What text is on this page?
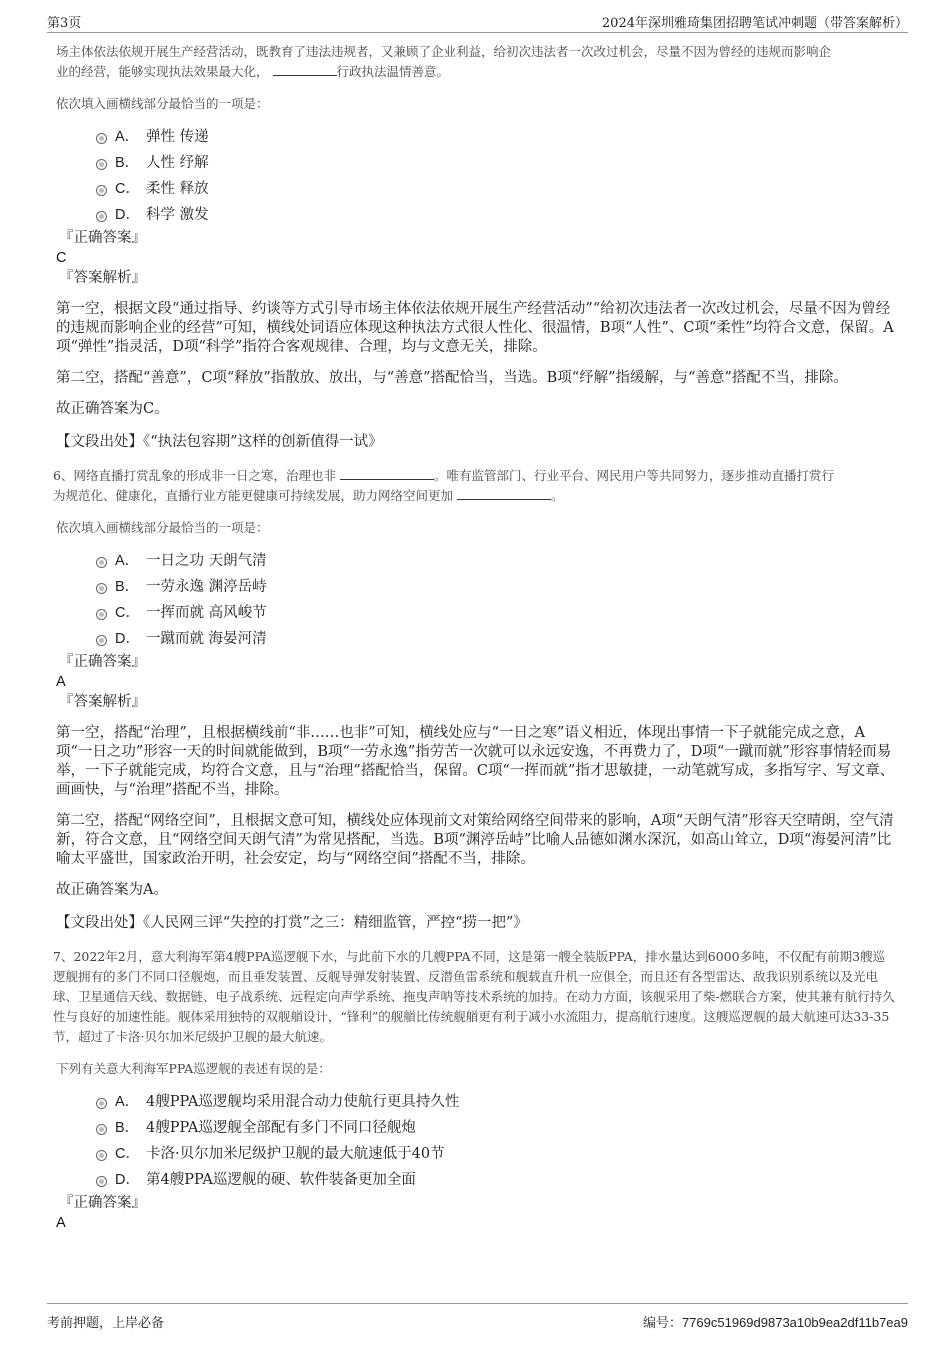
第3页	2024年深圳雅琦集团招聘笔试冲刺题（带答案解析）

场主体依法依规开展生产经营活动，既教育了违法违规者，又兼顾了企业利益，给初次违法者一次改过机会，尽量不因为曾经的违规而影响企
业的经营，能够实现执法效果最大化，	行政执法温情善意。

依次填入画横线部分最恰当的一项是：

A． 弹性 传递
B． 人性 纾解
C． 柔性 释放
D． 科学 激发

『正确答案』

C

『答案解析』

第一空，根据文段“通过指导、约谈等方式引导市场主体依法依规开展生产经营活动”“给初次违法者一次改过机会，尽量不因为曾经的违规而影响企业的经营”可知，横线处词语应体现这种执法方式很人性化、很温情，B项“人性”、C项“柔性”均符合文意，保留。A项“弹性”指灵活，D项“科学”指符合客观规律、合理，均与文意无关，排除。

第二空，搭配“善意”，C项“释放”指散放、放出，与“善意”搭配恰当，当选。B项“纾解”指缓解，与“善意”搭配不当，排除。

故正确答案为C。

【文段出处】《“执法包容期”这样的创新值得一试》

6、网络直播打赏乱象的形成非一日之寒，治理也非	。唯有监管部门、行业平台、网民用户等共同努力，逐步推动直播打赏行
为规范化、健康化，直播行业方能更健康可持续发展，助力网络空间更加	。

依次填入画横线部分最恰当的一项是：

A． 一日之功 天朗气清
B． 一劳永逸 渊渟岳峙
C． 一挥而就 高风峻节
D． 一蹴而就 海晏河清

『正确答案』

A

『答案解析』

第一空，搭配“治理”，且根据横线前“非……也非”可知，横线处应与“一日之寒”语义相近，体现出事情一下子就能完成之意，A项“一日之功”形容一天的时间就能做到，B项“一劳永逸”指劳苦一次就可以永远安逸，不再费力了，D项“一蹴而就”形容事情轻而易举，一下子就能完成，均符合文意，且与“治理”搭配恰当，保留。C项“一挥而就”指才思敏捷，一动笔就写成，多指写字、写文章、画画快，与“治理”搭配不当，排除。

第二空，搭配“网络空间”，且根据文意可知，横线处应体现前文对策给网络空间带来的影响，A项“天朗气清”形容天空晴朗，空气清新，符合文意，且“网络空间天朗气清”为常见搭配，当选。B项“渊渟岳峙”比喻人品德如渊水深沉，如高山耸立，D项“海晏河清”比喻太平盛世，国家政治开明，社会安定，均与“网络空间”搭配不当，排除。

故正确答案为A。

【文段出处】《人民网三评“失控的打赏”之三：精细监管，严控“捞一把”》

7、2022年2月，意大利海军第4艘PPA巡逻舰下水，与此前下水的几艘PPA不同，这是第一艘全装版PPA，排水量达到6000多吨，不仅配有前期3艘巡逻舰拥有的多门不同口径舰炮，而且垂发装置、反舰导弹发射装置、反潜鱼雷系统和舰载直升机一应俱全，而且还有各型雷达、敌我识别系统以及光电球、卫星通信天线、数据链、电子战系统、远程定向声学系统、拖曳声呐等技术系统的加持。在动力方面，该舰采用了柴-燃联合方案，使其兼有航行持久性与良好的加速性能。舰体采用独特的双舰艏设计，“锋利”的舰艏比传统舰艏更有利于减小水流阻力，提高航行速度。这艘巡逻舰的最大航速可达33-35节，超过了卡洛·贝尔加米尼级护卫舰的最大航速。

下列有关意大利海军PPA巡逻舰的表述有误的是：

A． 4艘PPA巡逻舰均采用混合动力使航行更具持久性
B． 4艘PPA巡逻舰全部配有多门不同口径舰炮
C． 卡洛·贝尔加米尼级护卫舰的最大航速低于40节
D． 第4艘PPA巡逻舰的硬、软件装备更加全面

『正确答案』

A

考前押题，上岸必备	编号：7769c51969d9873a10b9ea2df11b7ea9
